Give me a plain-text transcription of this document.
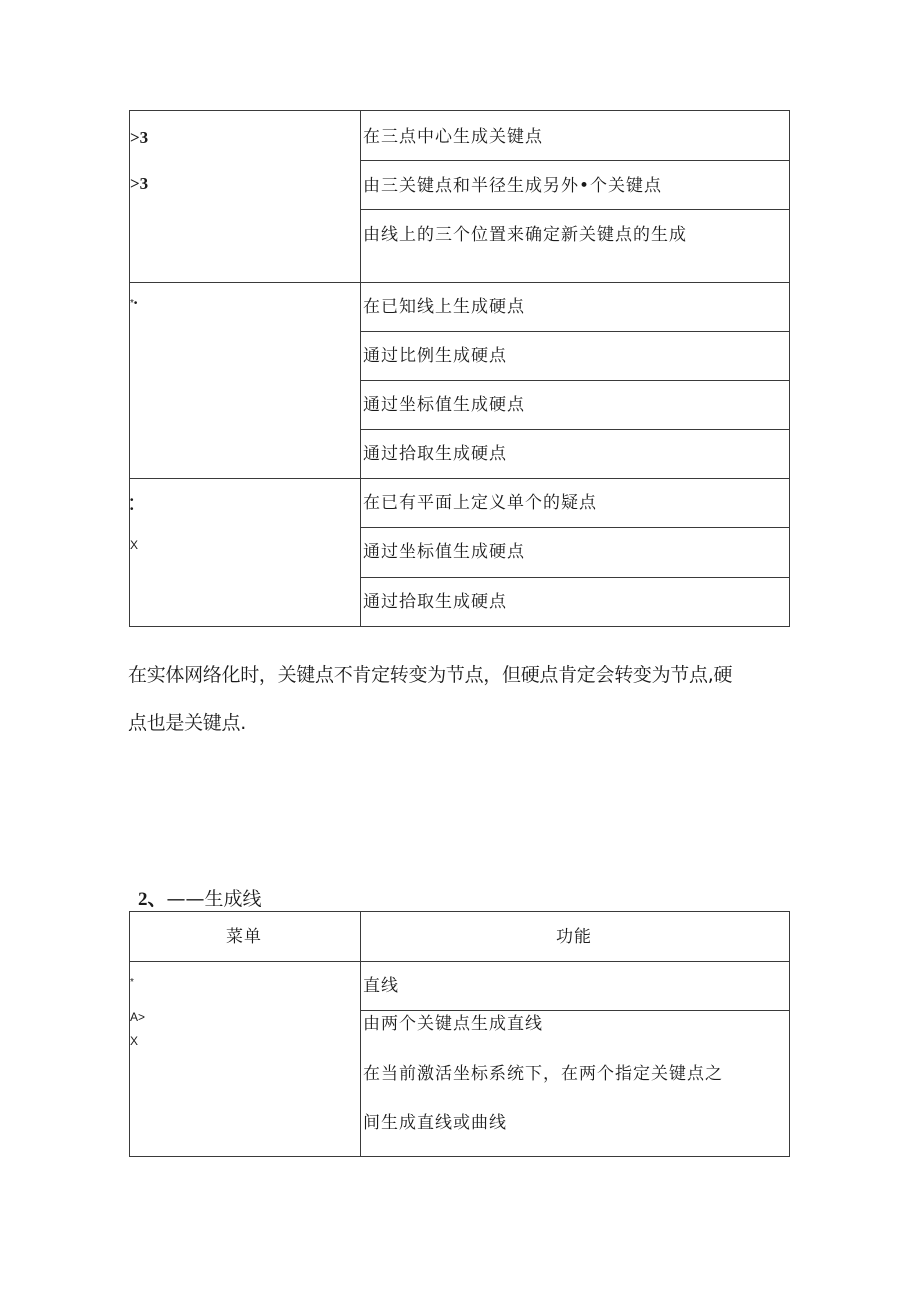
>3
>3
在三点中心生成关键点
由三关键点和半径生成另外•个关键点
由线上的三个位置来确定新关键点的生成
*•	在已知线上生成硬点
通过比例生成硬点
通过坐标值生成硬点
通过拾取生成硬点
•
•
X
在已有平面上定义单个的疑点
通过坐标值生成硬点
通过拾取生成硬点
在实体网络化时，关键点不肯定转变为节点，但硬点肯定会转变为节点,硬
点也是关键点.
2、——生成线
菜单	功能
*
A>
X
直线
由两个关键点生成直线
在当前激活坐标系统下，在两个指定关键点之
间生成直线或曲线
